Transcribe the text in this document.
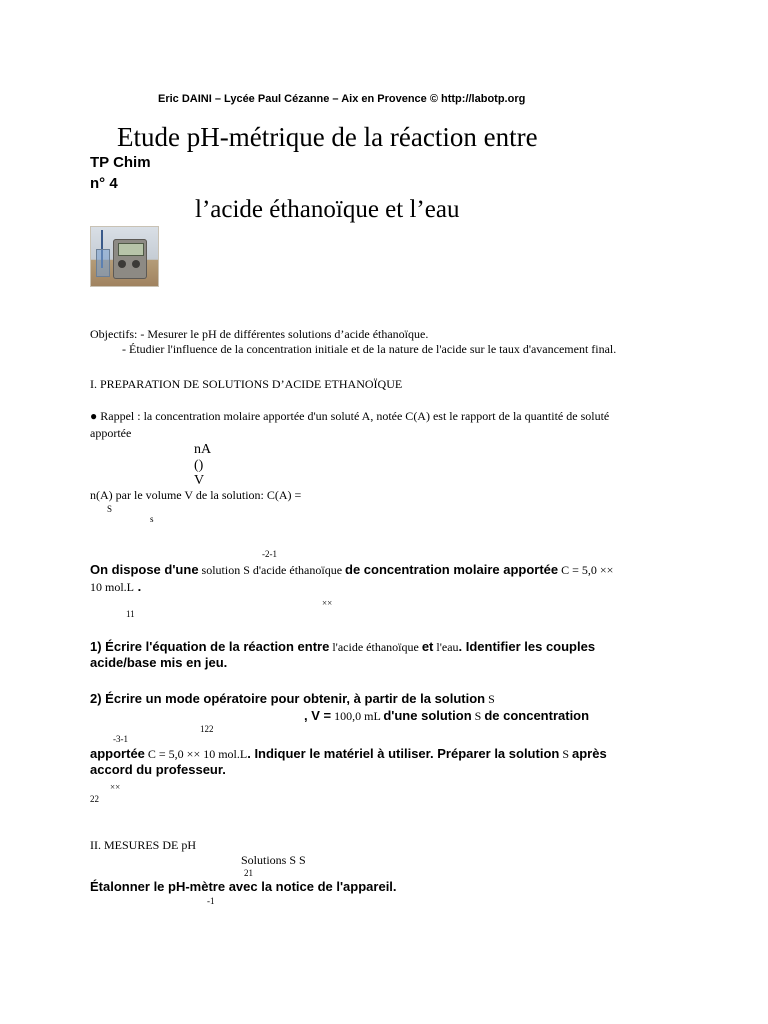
Eric DAINI – Lycée Paul Cézanne – Aix en Provence © http://labotp.org
Etude pH-métrique de la réaction entre
TP Chim
n° 4
l’acide éthanoïque et l’eau
Objectifs: - Mesurer le pH de différentes solutions d’acide éthanoïque.
- Étudier l'influence de la concentration initiale et de la nature de l'acide sur le taux d'avancement final.
I. PREPARATION DE SOLUTIONS D’ACIDE ETHANOÏQUE
● Rappel : la concentration molaire apportée d'un soluté A, notée C(A) est le rapport de la quantité de soluté
apportée
nA
()
V
n(A) par le volume V de la solution: C(A) =
S
s
-2-1
On dispose d'une solution S d'acide éthanoïque de concentration molaire apportée C = 5,0 ××
10 mol.L .
××
11
1) Écrire l'équation de la réaction entre l'acide éthanoïque et l'eau. Identifier les couples
acide/base mis en jeu.
2) Écrire un mode opératoire pour obtenir, à partir de la solution S
, V = 100,0 mL d'une solution S de concentration
122
-3-1
apportée C = 5,0 ×× 10 mol.L. Indiquer le matériel à utiliser. Préparer la solution S après
accord du professeur.
××
22
II. MESURES DE pH
Solutions S S
21
Étalonner le pH-mètre avec la notice de l'appareil.
-1
